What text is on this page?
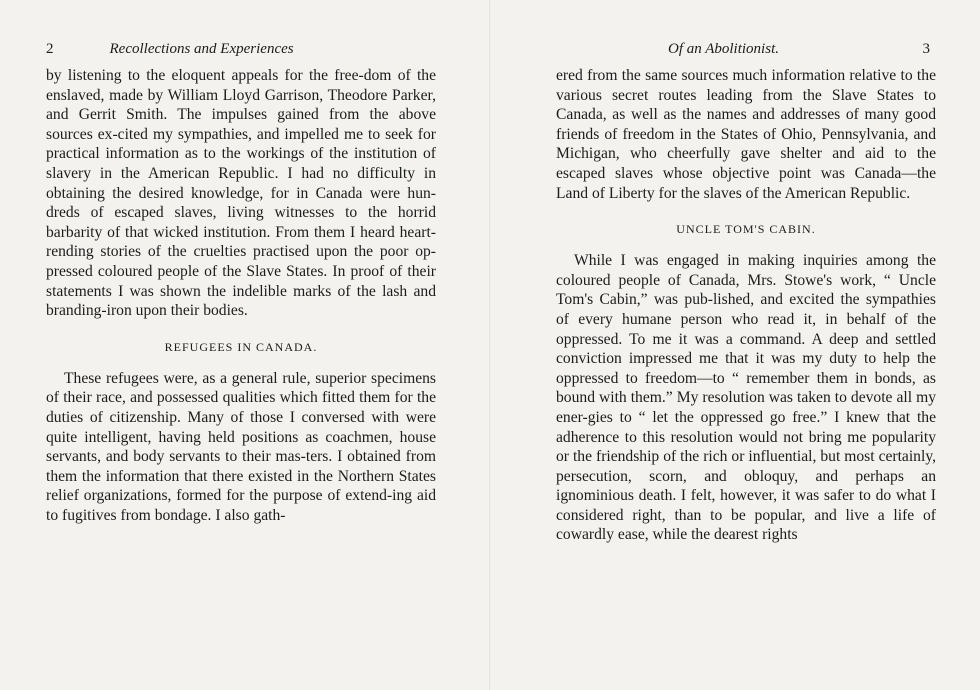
2	Recollections and Experiences

by listening to the eloquent appeals for the free-dom of the enslaved, made by William Lloyd Garrison, Theodore Parker, and Gerrit Smith. The impulses gained from the above sources ex-cited my sympathies, and impelled me to seek for practical information as to the workings of the institution of slavery in the American Republic. I had no difficulty in obtaining the desired knowledge, for in Canada were hun-dreds of escaped slaves, living witnesses to the horrid barbarity of that wicked institution. From them I heard heart-rending stories of the cruelties practised upon the poor op-pressed coloured people of the Slave States. In proof of their statements I was shown the indelible marks of the lash and branding-iron upon their bodies.

REFUGEES IN CANADA.

These refugees were, as a general rule, superior specimens of their race, and possessed qualities which fitted them for the duties of citizenship. Many of those I conversed with were quite intelligent, having held positions as coachmen, house servants, and body servants to their mas-ters. I obtained from them the information that there existed in the Northern States relief organizations, formed for the purpose of extend-ing aid to fugitives from bondage. I also gath-

Of an Abolitionist.	3

ered from the same sources much information relative to the various secret routes leading from the Slave States to Canada, as well as the names and addresses of many good friends of freedom in the States of Ohio, Pennsylvania, and Michigan, who cheerfully gave shelter and aid to the escaped slaves whose objective point was Canada—the Land of Liberty for the slaves of the American Republic.

UNCLE TOM'S CABIN.

While I was engaged in making inquiries among the coloured people of Canada, Mrs. Stowe's work, “ Uncle Tom's Cabin,” was pub-lished, and excited the sympathies of every humane person who read it, in behalf of the oppressed. To me it was a command. A deep and settled conviction impressed me that it was my duty to help the oppressed to freedom—to “ remember them in bonds, as bound with them.” My resolution was taken to devote all my ener-gies to “ let the oppressed go free.” I knew that the adherence to this resolution would not bring me popularity or the friendship of the rich or influential, but most certainly, persecution, scorn, and obloquy, and perhaps an ignominious death. I felt, however, it was safer to do what I considered right, than to be popular, and live a life of cowardly ease, while the dearest rights
